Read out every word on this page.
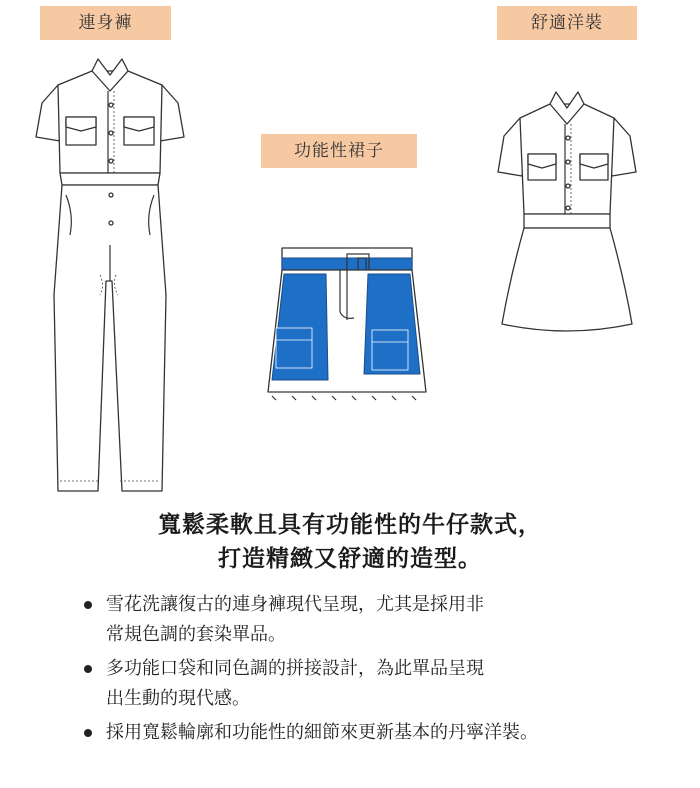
連身褲	舒適洋裝
功能性裙子
寬鬆柔軟且具有功能性的牛仔款式，
打造精緻又舒適的造型。
雪花洗讓復古的連身褲現代呈現，尤其是採用非
常規色調的套染單品。
多功能口袋和同色調的拼接設計，為此單品呈現
出生動的現代感。
採用寬鬆輪廓和功能性的細節來更新基本的丹寧洋裝。
